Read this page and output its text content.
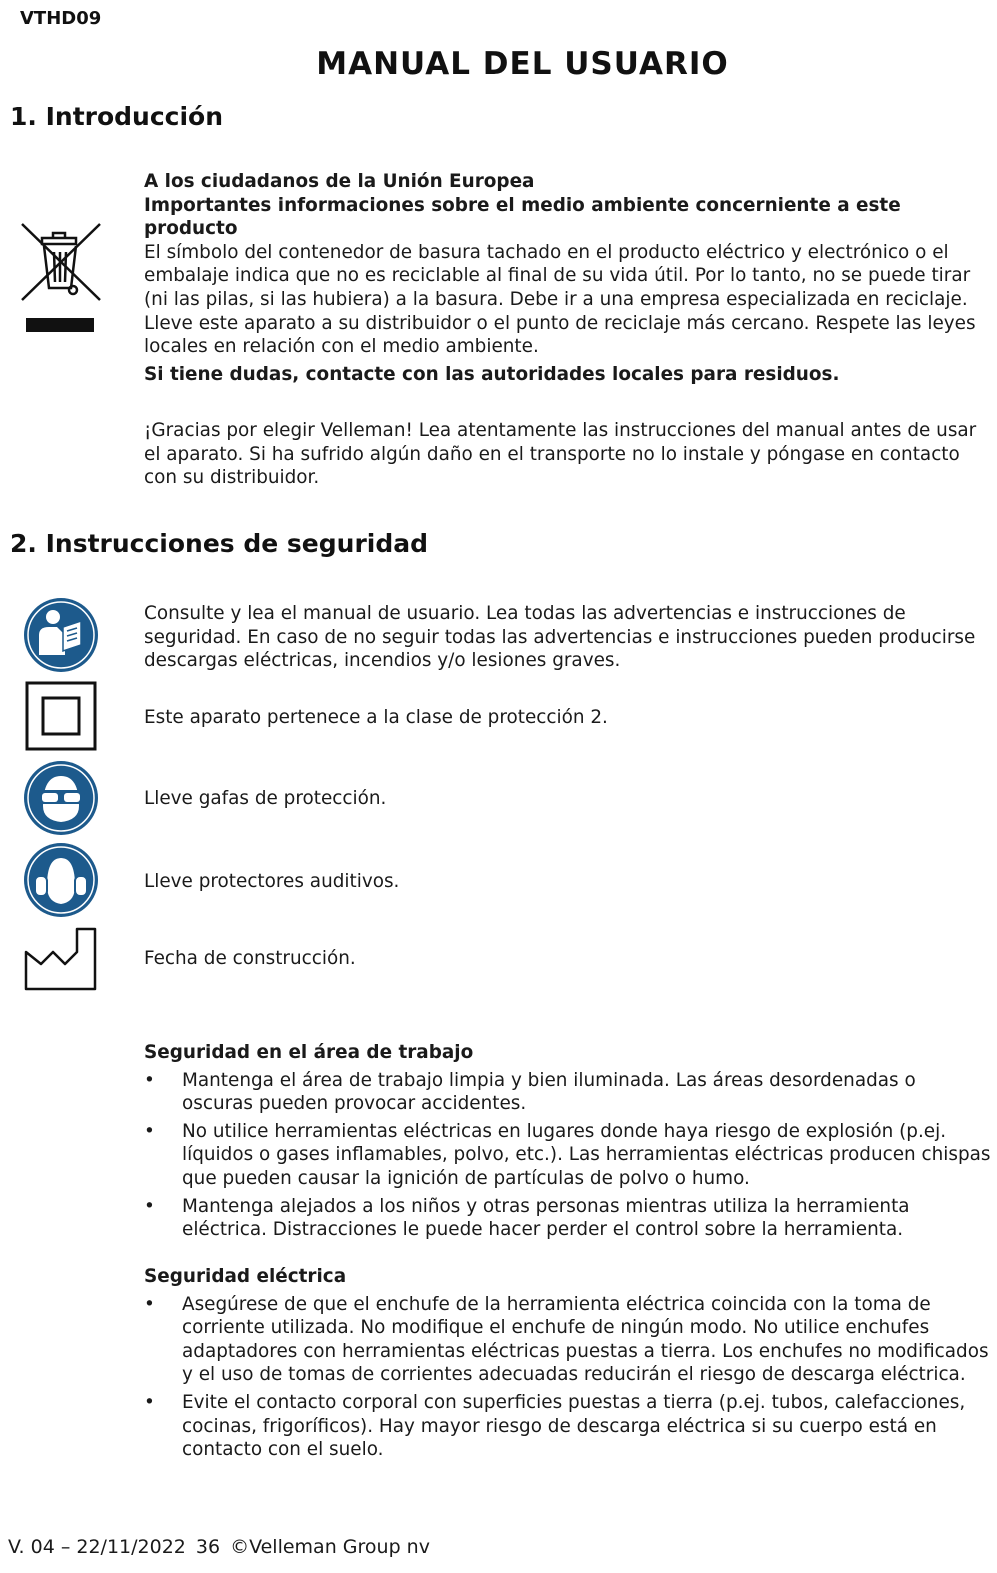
VTHD09
MANUAL DEL USUARIO
1. Introducción

A los ciudadanos de la Unión Europea

Importantes informaciones sobre el medio ambiente concerniente a este producto

El símbolo del contenedor de basura tachado en el producto eléctrico y electrónico o el embalaje indica que no es reciclable al final de su vida útil. Por lo tanto, no se puede tirar (ni las pilas, si las hubiera) a la basura. Debe ir a una empresa especializada en reciclaje. Lleve este aparato a su distribuidor o el punto de reciclaje más cercano. Respete las leyes locales en relación con el medio ambiente.

Si tiene dudas, contacte con las autoridades locales para residuos.

¡Gracias por elegir Velleman! Lea atentamente las instrucciones del manual antes de usar el aparato. Si ha sufrido algún daño en el transporte no lo instale y póngase en contacto con su distribuidor.

2. Instrucciones de seguridad

Consulte y lea el manual de usuario. Lea todas las advertencias e instrucciones de seguridad. En caso de no seguir todas las advertencias e instrucciones pueden producirse descargas eléctricas, incendios y/o lesiones graves.

Este aparato pertenece a la clase de protección 2.

Lleve gafas de protección.

Lleve protectores auditivos.

Fecha de construcción.

Seguridad en el área de trabajo

• Mantenga el área de trabajo limpia y bien iluminada. Las áreas desordenadas o oscuras pueden provocar accidentes.
• No utilice herramientas eléctricas en lugares donde haya riesgo de explosión (p.ej. líquidos o gases inflamables, polvo, etc.). Las herramientas eléctricas producen chispas que pueden causar la ignición de partículas de polvo o humo.
• Mantenga alejados a los niños y otras personas mientras utiliza la herramienta eléctrica. Distracciones le puede hacer perder el control sobre la herramienta.

Seguridad eléctrica

• Asegúrese de que el enchufe de la herramienta eléctrica coincida con la toma de corriente utilizada. No modifique el enchufe de ningún modo. No utilice enchufes adaptadores con herramientas eléctricas puestas a tierra. Los enchufes no modificados y el uso de tomas de corrientes adecuadas reducirán el riesgo de descarga eléctrica.
• Evite el contacto corporal con superficies puestas a tierra (p.ej. tubos, calefacciones, cocinas, frigoríficos). Hay mayor riesgo de descarga eléctrica si su cuerpo está en contacto con el suelo.
V. 04 – 22/11/2022 36 ©Velleman Group nv
